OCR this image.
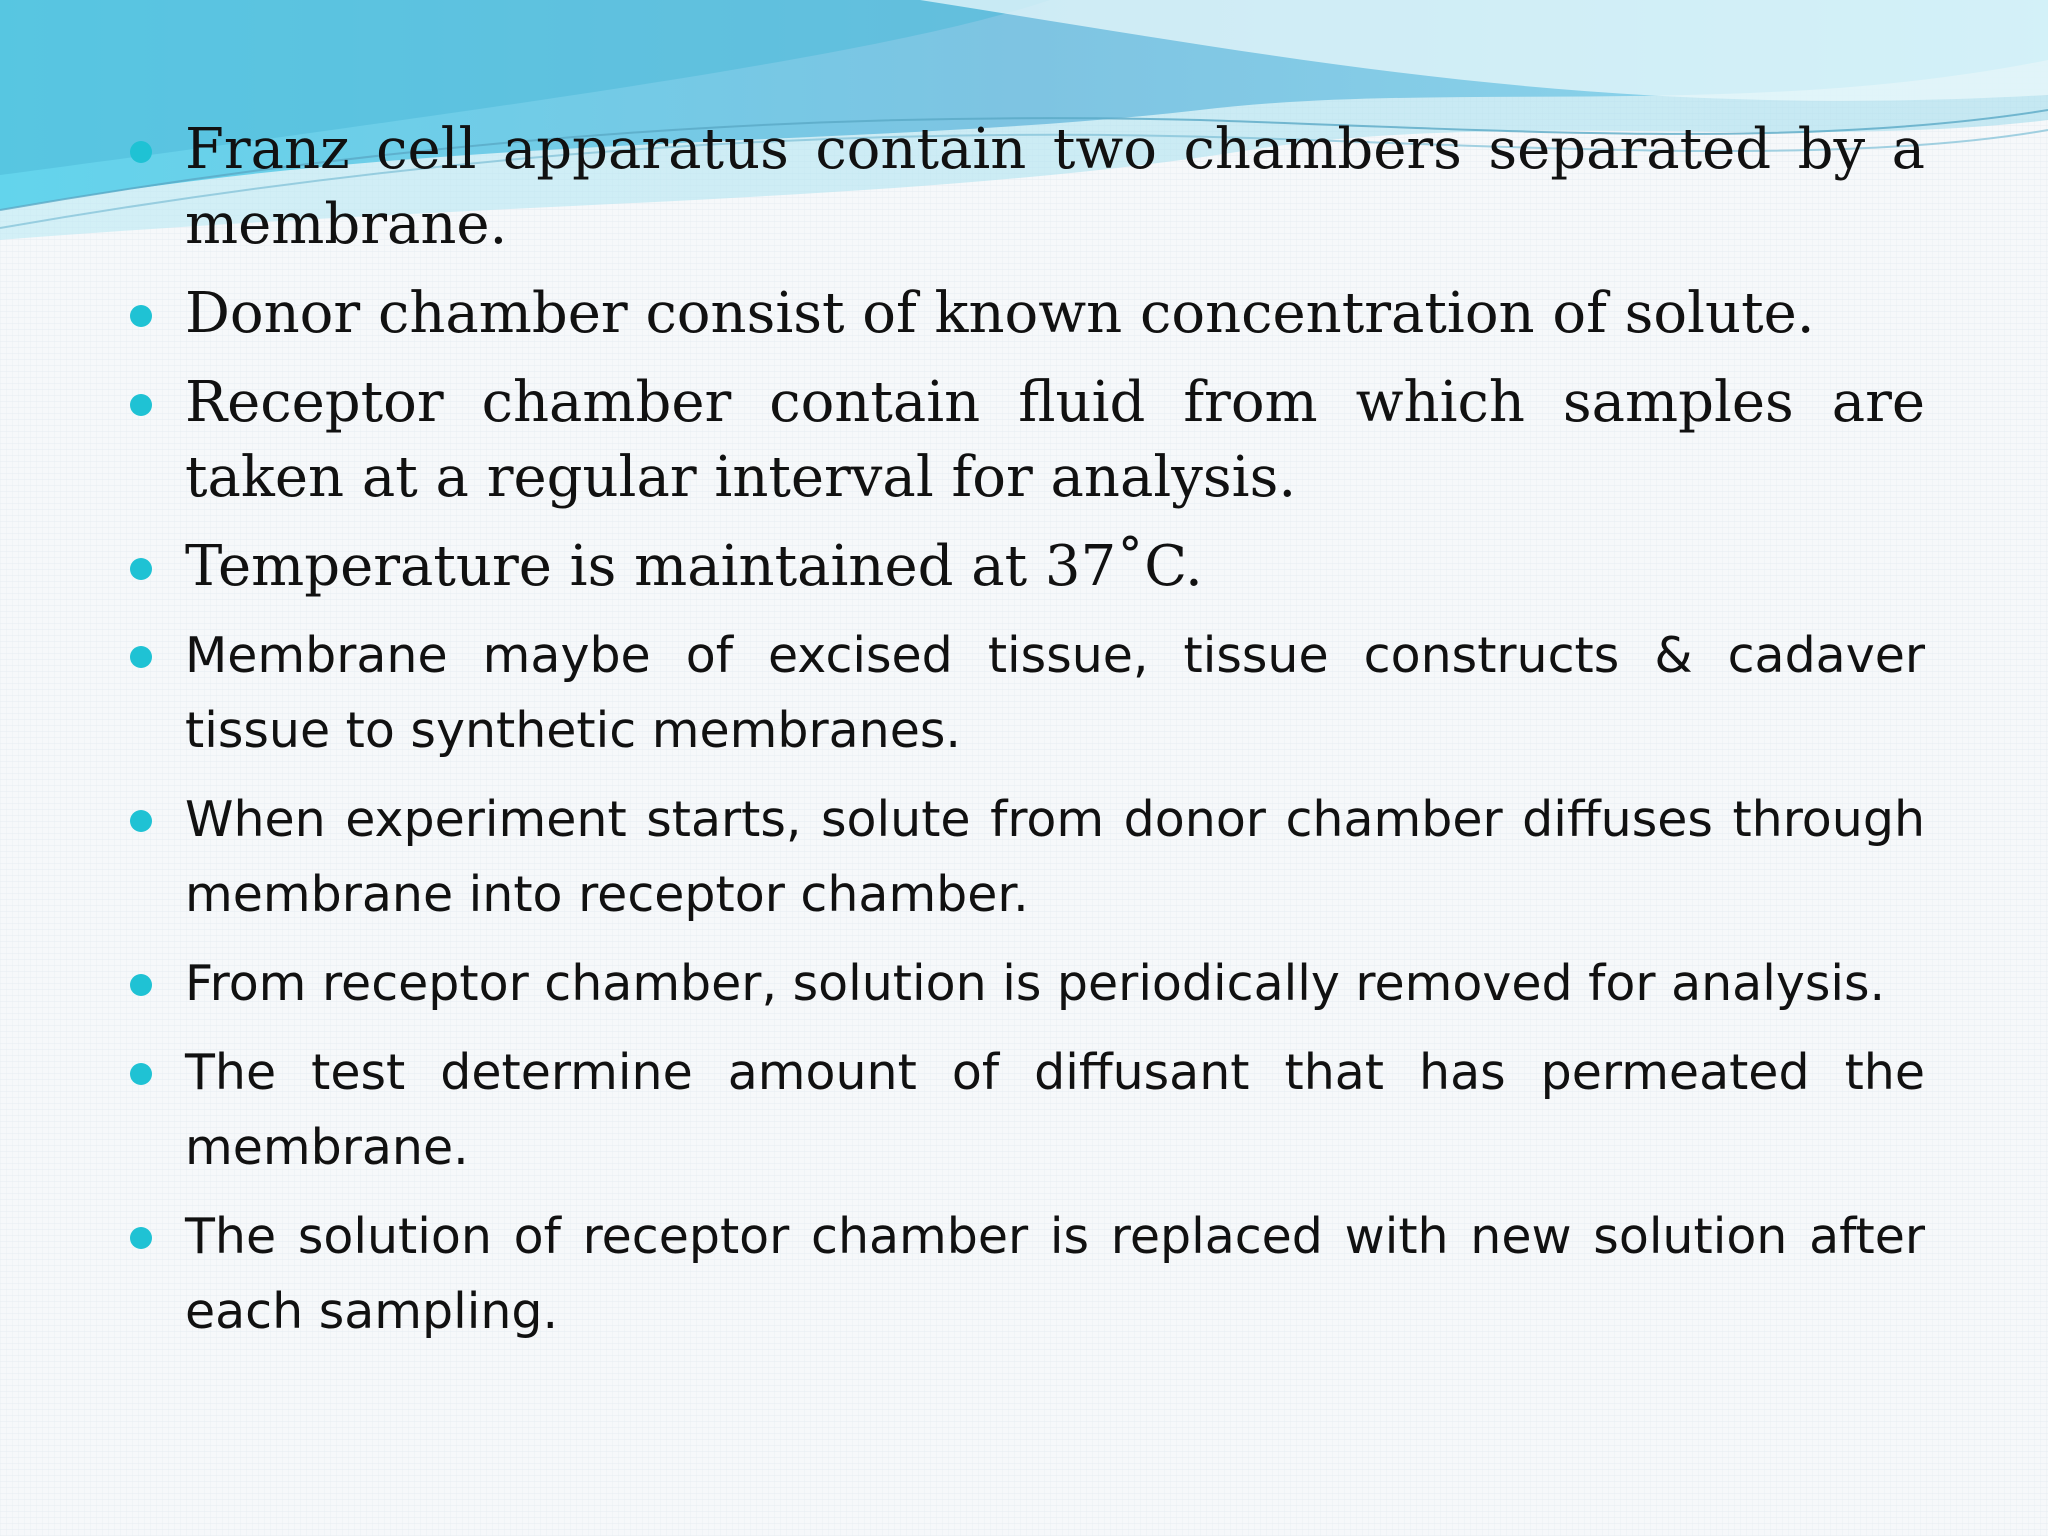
Franz cell apparatus contain two chambers separated by a membrane.
Donor chamber consist of known concentration of solute.
Receptor chamber contain fluid from which samples are taken at a regular interval for analysis.
Temperature is maintained at 37˚C.
Membrane maybe of excised tissue, tissue constructs & cadaver tissue to synthetic membranes.
When experiment starts, solute from donor chamber diffuses through membrane into receptor chamber.
From receptor chamber, solution is periodically removed for analysis.
The test determine amount of diffusant that has permeated the membrane.
The solution of receptor chamber is replaced with new solution after each sampling.
